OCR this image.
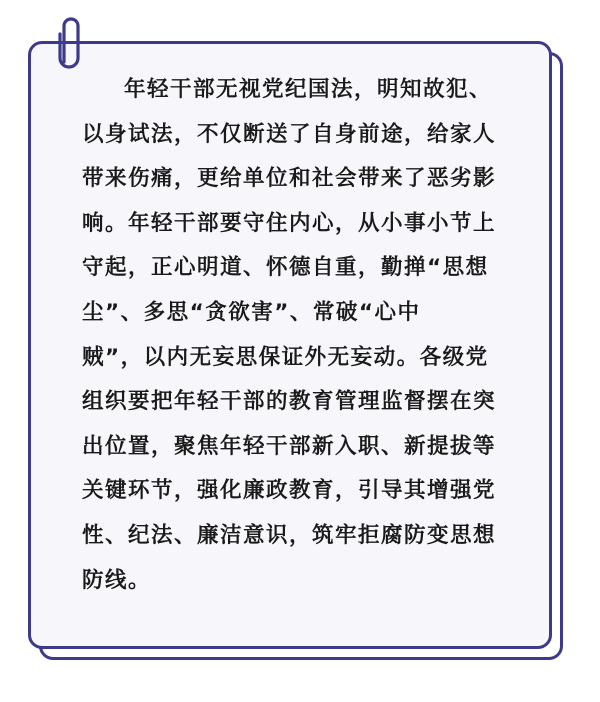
年轻干部无视党纪国法，明知故犯、
以身试法，不仅断送了自身前途，给家人
带来伤痛，更给单位和社会带来了恶劣影
响。年轻干部要守住内心，从小事小节上
守起，正心明道、怀德自重，勤掸“思想
尘”、多思“贪欲害”、常破“心中
贼”，以内无妄思保证外无妄动。各级党
组织要把年轻干部的教育管理监督摆在突
出位置，聚焦年轻干部新入职、新提拔等
关键环节，强化廉政教育，引导其增强党
性、纪法、廉洁意识，筑牢拒腐防变思想
防线。
